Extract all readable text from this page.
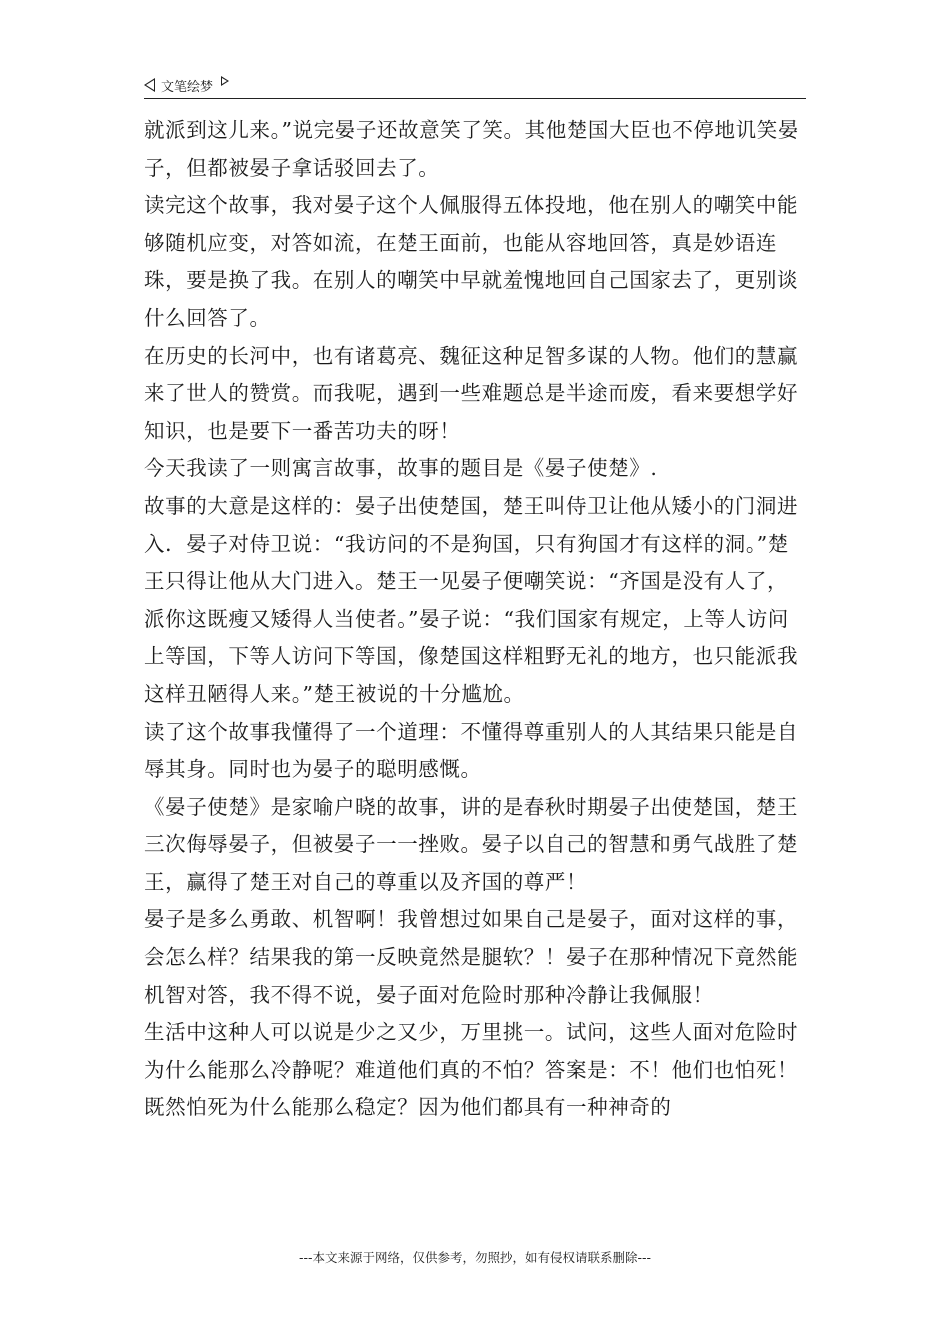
文笔绘梦

就派到这儿来。”说完晏子还故意笑了笑。其他楚国大臣也不停地讥笑晏子，但都被晏子拿话驳回去了。

读完这个故事，我对晏子这个人佩服得五体投地，他在别人的嘲笑中能够随机应变，对答如流，在楚王面前，也能从容地回答，真是妙语连珠，要是换了我。在别人的嘲笑中早就羞愧地回自己国家去了，更别谈什么回答了。

在历史的长河中，也有诸葛亮、魏征这种足智多谋的人物。他们的慧赢来了世人的赞赏。而我呢，遇到一些难题总是半途而废，看来要想学好知识，也是要下一番苦功夫的呀！

今天我读了一则寓言故事，故事的题目是《晏子使楚》.

故事的大意是这样的：晏子出使楚国，楚王叫侍卫让他从矮小的门洞进入．晏子对侍卫说：“我访问的不是狗国，只有狗国才有这样的洞。”楚王只得让他从大门进入。楚王一见晏子便嘲笑说：“齐国是没有人了，派你这既瘦又矮得人当使者。”晏子说：“我们国家有规定，上等人访问上等国，下等人访问下等国，像楚国这样粗野无礼的地方，也只能派我这样丑陋得人来。”楚王被说的十分尴尬。

读了这个故事我懂得了一个道理：不懂得尊重别人的人其结果只能是自辱其身。同时也为晏子的聪明感慨。

《晏子使楚》是家喻户晓的故事，讲的是春秋时期晏子出使楚国，楚王三次侮辱晏子，但被晏子一一挫败。晏子以自己的智慧和勇气战胜了楚王，赢得了楚王对自己的尊重以及齐国的尊严！

晏子是多么勇敢、机智啊！我曾想过如果自己是晏子，面对这样的事，会怎么样？结果我的第一反映竟然是腿软？！晏子在那种情况下竟然能机智对答，我不得不说，晏子面对危险时那种冷静让我佩服！

生活中这种人可以说是少之又少，万里挑一。试问，这些人面对危险时为什么能那么冷静呢？难道他们真的不怕？答案是：不！他们也怕死！既然怕死为什么能那么稳定？因为他们都具有一种神奇的

---本文来源于网络，仅供参考，勿照抄，如有侵权请联系删除---
